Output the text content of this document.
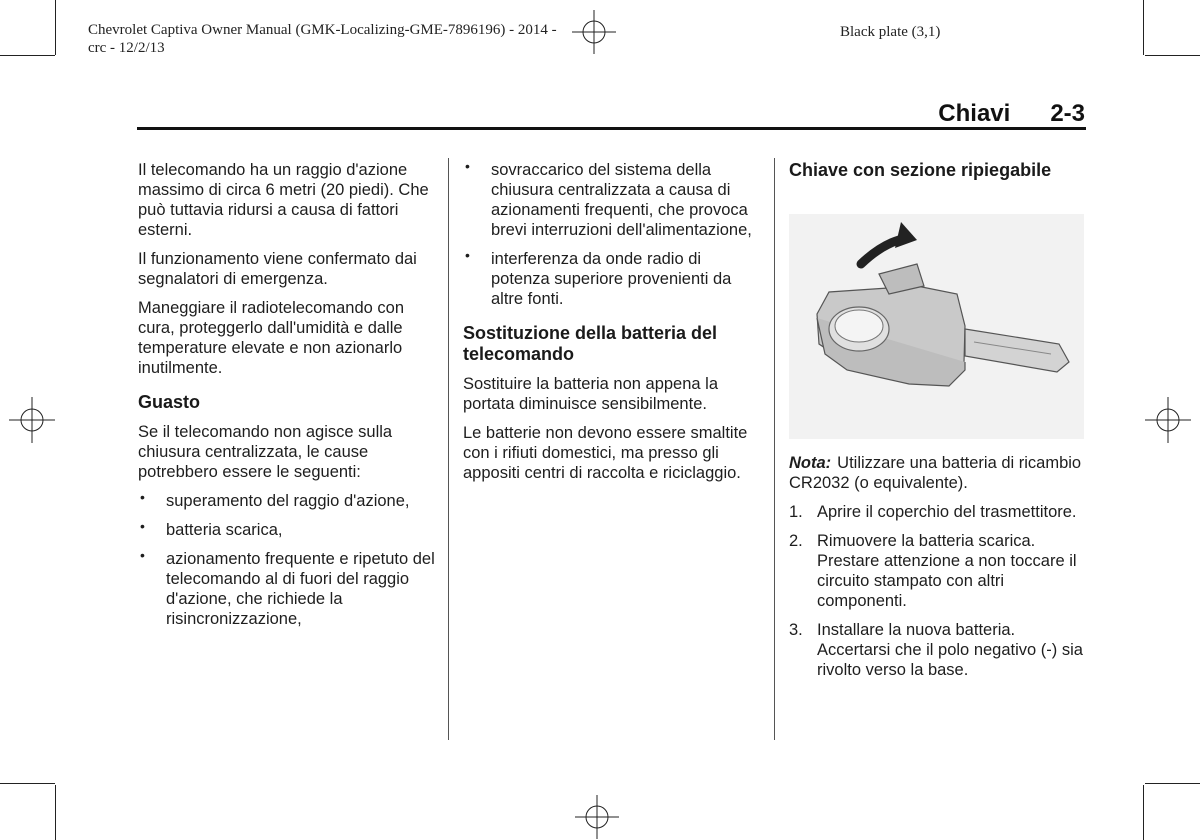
Chevrolet Captiva Owner Manual (GMK-Localizing-GME-7896196) - 2014 -
crc - 12/2/13
Black plate (3,1)
Chiavi 2-3

Il telecomando ha un raggio d'azione massimo di circa 6 metri (20 piedi). Che può tuttavia ridursi a causa di fattori esterni.

Il funzionamento viene confermato dai segnalatori di emergenza.

Maneggiare il radiotelecomando con cura, proteggerlo dall'umidità e dalle temperature elevate e non azionarlo inutilmente.

Guasto

Se il telecomando non agisce sulla chiusura centralizzata, le cause potrebbero essere le seguenti:

• superamento del raggio d'azione,
• batteria scarica,
• azionamento frequente e ripetuto del telecomando al di fuori del raggio d'azione, che richiede la risincronizzazione,
• sovraccarico del sistema della chiusura centralizzata a causa di azionamenti frequenti, che provoca brevi interruzioni dell'alimentazione,
• interferenza da onde radio di potenza superiore provenienti da altre fonti.
Sostituzione della batteria del telecomando

Sostituire la batteria non appena la portata diminuisce sensibilmente.

Le batterie non devono essere smaltite con i rifiuti domestici, ma presso gli appositi centri di raccolta e riciclaggio.

Chiave con sezione ripiegabile

Nota: Utilizzare una batteria di ricambio CR2032 (o equivalente).

1. Aprire il coperchio del trasmettitore.
2. Rimuovere la batteria scarica. Prestare attenzione a non toccare il circuito stampato con altri componenti.
3. Installare la nuova batteria. Accertarsi che il polo negativo (-) sia rivolto verso la base.
